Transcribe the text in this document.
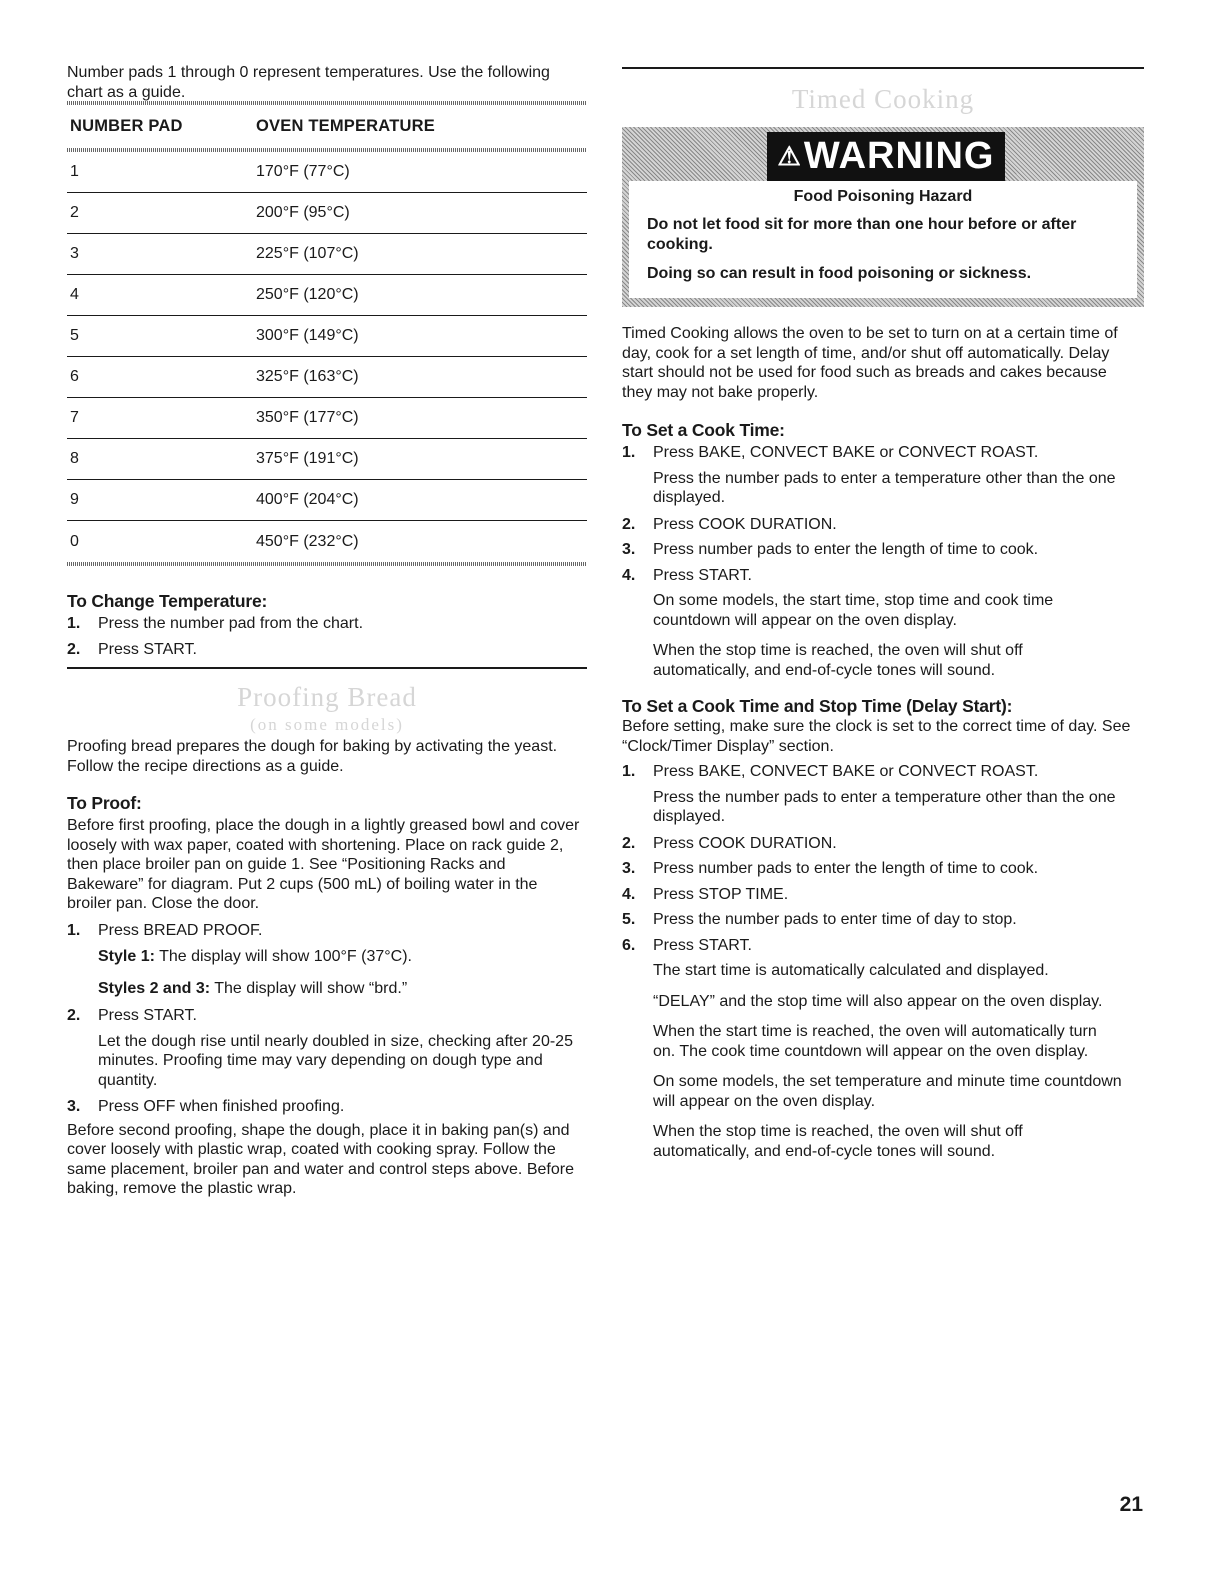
Number pads 1 through 0 represent temperatures. Use the following chart as a guide.

NUMBER PAD	OVEN TEMPERATURE
1	170°F (77°C)
2	200°F (95°C)
3	225°F (107°C)
4	250°F (120°C)
5	300°F (149°C)
6	325°F (163°C)
7	350°F (177°C)
8	375°F (191°C)
9	400°F (204°C)
0	450°F (232°C)

To Change Temperature:

1.	Press the number pad from the chart.
2.	Press START.

Proofing Bread

(on some models)

Proofing bread prepares the dough for baking by activating the yeast. Follow the recipe directions as a guide.

To Proof:

Before first proofing, place the dough in a lightly greased bowl and cover loosely with wax paper, coated with shortening. Place on rack guide 2, then place broiler pan on guide 1. See “Positioning Racks and Bakeware” for diagram. Put 2 cups (500 mL) of boiling water in the broiler pan. Close the door.

1.	Press BREAD PROOF.

Style 1: The display will show 100°F (37°C).

Styles 2 and 3: The display will show “brd.”

2.	Press START.

Let the dough rise until nearly doubled in size, checking after 20-25 minutes. Proofing time may vary depending on dough type and quantity.

3.	Press OFF when finished proofing.

Before second proofing, shape the dough, place it in baking pan(s) and cover loosely with plastic wrap, coated with cooking spray. Follow the same placement, broiler pan and water and control steps above. Before baking, remove the plastic wrap.

Timed Cooking

⚠ WARNING

Food Poisoning Hazard

Do not let food sit for more than one hour before or after cooking.

Doing so can result in food poisoning or sickness.

Timed Cooking allows the oven to be set to turn on at a certain time of day, cook for a set length of time, and/or shut off automatically. Delay start should not be used for food such as breads and cakes because they may not bake properly.

To Set a Cook Time:

1.	Press BAKE, CONVECT BAKE or CONVECT ROAST.

Press the number pads to enter a temperature other than the one displayed.

2.	Press COOK DURATION.
3.	Press number pads to enter the length of time to cook.
4.	Press START.

On some models, the start time, stop time and cook time countdown will appear on the oven display.

When the stop time is reached, the oven will shut off automatically, and end-of-cycle tones will sound.

To Set a Cook Time and Stop Time (Delay Start):

Before setting, make sure the clock is set to the correct time of day. See “Clock/Timer Display” section.

1.	Press BAKE, CONVECT BAKE or CONVECT ROAST.

Press the number pads to enter a temperature other than the one displayed.

2.	Press COOK DURATION.
3.	Press number pads to enter the length of time to cook.
4.	Press STOP TIME.
5.	Press the number pads to enter time of day to stop.
6.	Press START.

The start time is automatically calculated and displayed.

“DELAY” and the stop time will also appear on the oven display.

When the start time is reached, the oven will automatically turn on. The cook time countdown will appear on the oven display.

On some models, the set temperature and minute time countdown will appear on the oven display.

When the stop time is reached, the oven will shut off automatically, and end-of-cycle tones will sound.

21
